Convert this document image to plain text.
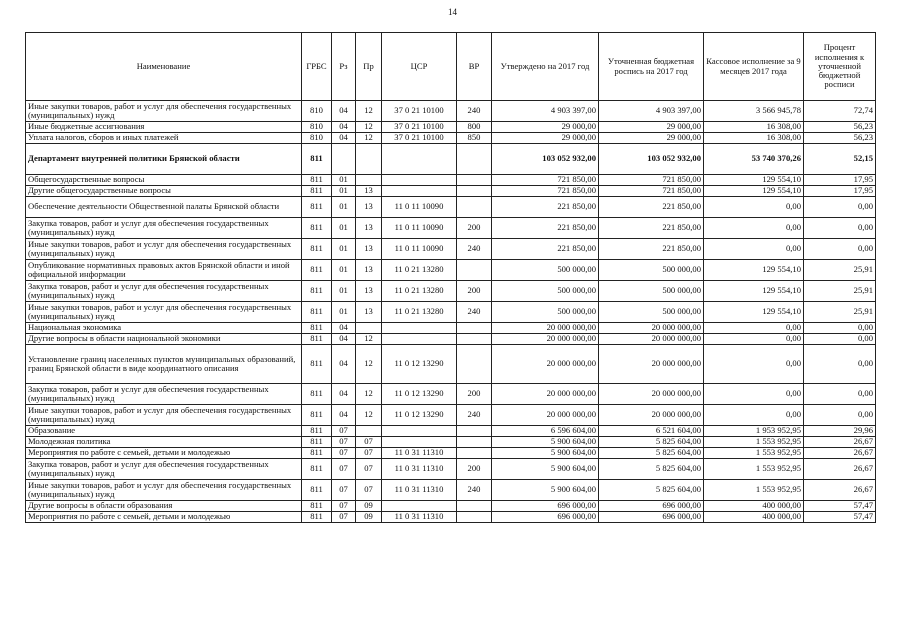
14
Наименование	ГРБС	Рз	Пр	ЦСР	ВР	Утверждено на 2017 год	Уточненная бюджетная роспись на 2017 год	Кассовое исполнение за 9 месяцев 2017 года	Процент исполнения к уточненной бюджетной росписи
Иные закупки товаров, работ и услуг для обеспечения государственных (муниципальных) нужд	810	04	12	37 0 21 10100	240	4 903 397,00	4 903 397,00	3 566 945,78	72,74
Иные бюджетные ассигнования	810	04	12	37 0 21 10100	800	29 000,00	29 000,00	16 308,00	56,23
Уплата налогов, сборов и иных платежей	810	04	12	37 0 21 10100	850	29 000,00	29 000,00	16 308,00	56,23
Департамент внутренней политики Брянской области	811					103 052 932,00	103 052 932,00	53 740 370,26	52,15
Общегосударственные вопросы	811	01				721 850,00	721 850,00	129 554,10	17,95
Другие общегосударственные вопросы	811	01	13			721 850,00	721 850,00	129 554,10	17,95
Обеспечение деятельности Общественной палаты Брянской области	811	01	13	11 0 11 10090		221 850,00	221 850,00	0,00	0,00
Закупка товаров, работ и услуг для обеспечения государственных (муниципальных) нужд	811	01	13	11 0 11 10090	200	221 850,00	221 850,00	0,00	0,00
Иные закупки товаров, работ и услуг для обеспечения государственных (муниципальных) нужд	811	01	13	11 0 11 10090	240	221 850,00	221 850,00	0,00	0,00
Опубликование нормативных правовых актов Брянской области и иной официальной информации	811	01	13	11 0 21 13280		500 000,00	500 000,00	129 554,10	25,91
Закупка товаров, работ и услуг для обеспечения государственных (муниципальных) нужд	811	01	13	11 0 21 13280	200	500 000,00	500 000,00	129 554,10	25,91
Иные закупки товаров, работ и услуг для обеспечения государственных (муниципальных) нужд	811	01	13	11 0 21 13280	240	500 000,00	500 000,00	129 554,10	25,91
Национальная экономика	811	04				20 000 000,00	20 000 000,00	0,00	0,00
Другие вопросы в области национальной экономики	811	04	12			20 000 000,00	20 000 000,00	0,00	0,00
Установление границ населенных пунктов муниципальных образований, границ Брянской области в виде координатного описания	811	04	12	11 0 12 13290		20 000 000,00	20 000 000,00	0,00	0,00
Закупка товаров, работ и услуг для обеспечения государственных (муниципальных) нужд	811	04	12	11 0 12 13290	200	20 000 000,00	20 000 000,00	0,00	0,00
Иные закупки товаров, работ и услуг для обеспечения государственных (муниципальных) нужд	811	04	12	11 0 12 13290	240	20 000 000,00	20 000 000,00	0,00	0,00
Образование	811	07				6 596 604,00	6 521 604,00	1 953 952,95	29,96
Молодежная политика	811	07	07			5 900 604,00	5 825 604,00	1 553 952,95	26,67
Мероприятия по работе с семьей, детьми и молодежью	811	07	07	11 0 31 11310		5 900 604,00	5 825 604,00	1 553 952,95	26,67
Закупка товаров, работ и услуг для обеспечения государственных (муниципальных) нужд	811	07	07	11 0 31 11310	200	5 900 604,00	5 825 604,00	1 553 952,95	26,67
Иные закупки товаров, работ и услуг для обеспечения государственных (муниципальных) нужд	811	07	07	11 0 31 11310	240	5 900 604,00	5 825 604,00	1 553 952,95	26,67
Другие вопросы в области образования	811	07	09			696 000,00	696 000,00	400 000,00	57,47
Мероприятия по работе с семьей, детьми и молодежью	811	07	09	11 0 31 11310		696 000,00	696 000,00	400 000,00	57,47
